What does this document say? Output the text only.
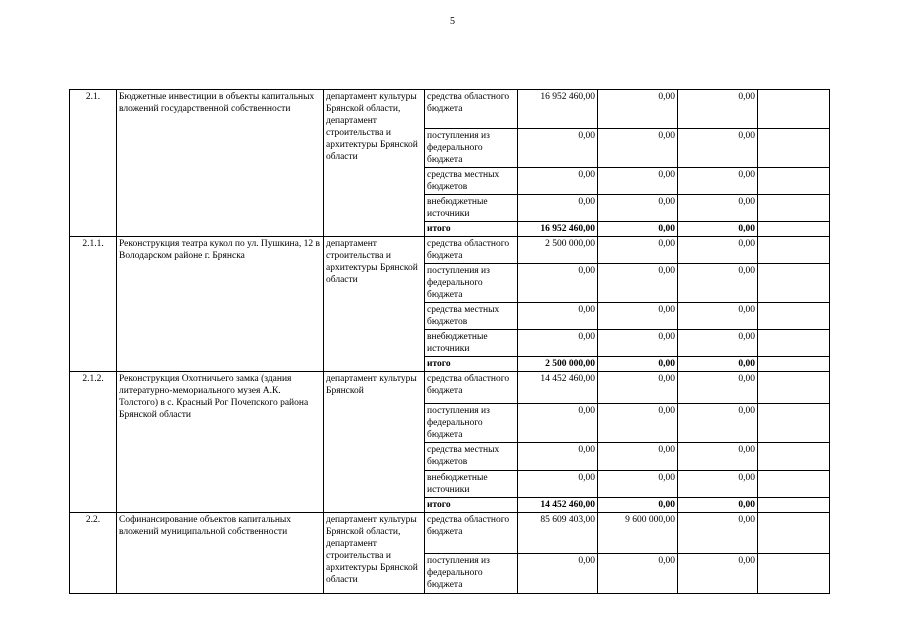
5
2.1.	Бюджетные инвестиции в объекты капитальных вложений государственной собственности	департамент культуры Брянской области, департамент строительства и архитектуры Брянской области	средства областного бюджета	16 952 460,00	0,00	0,00	
			поступления из федерального бюджета	0,00	0,00	0,00	
			средства местных бюджетов	0,00	0,00	0,00	
			внебюджетные источники	0,00	0,00	0,00	
			итого	16 952 460,00	0,00	0,00	
2.1.1.	Реконструкция театра кукол по ул. Пушкина, 12 в Володарском районе г. Брянска	департамент строительства и архитектуры Брянской области	средства областного бюджета	2 500 000,00	0,00	0,00	
			поступления из федерального бюджета	0,00	0,00	0,00	
			средства местных бюджетов	0,00	0,00	0,00	
			внебюджетные источники	0,00	0,00	0,00	
			итого	2 500 000,00	0,00	0,00	
2.1.2.	Реконструкция Охотничьего замка (здания литературно-мемориального музея А.К. Толстого) в с. Красный Рог Почепского района Брянской области	департамент культуры Брянской	средства областного бюджета	14 452 460,00	0,00	0,00	
			поступления из федерального бюджета	0,00	0,00	0,00	
			средства местных бюджетов	0,00	0,00	0,00	
			внебюджетные источники	0,00	0,00	0,00	
			итого	14 452 460,00	0,00	0,00	
2.2.	Софинансирование объектов капитальных вложений муниципальной собственности	департамент культуры Брянской области, департамент строительства и архитектуры Брянской области	средства областного бюджета	85 609 403,00	9 600 000,00	0,00	
			поступления из федерального бюджета	0,00	0,00	0,00	
